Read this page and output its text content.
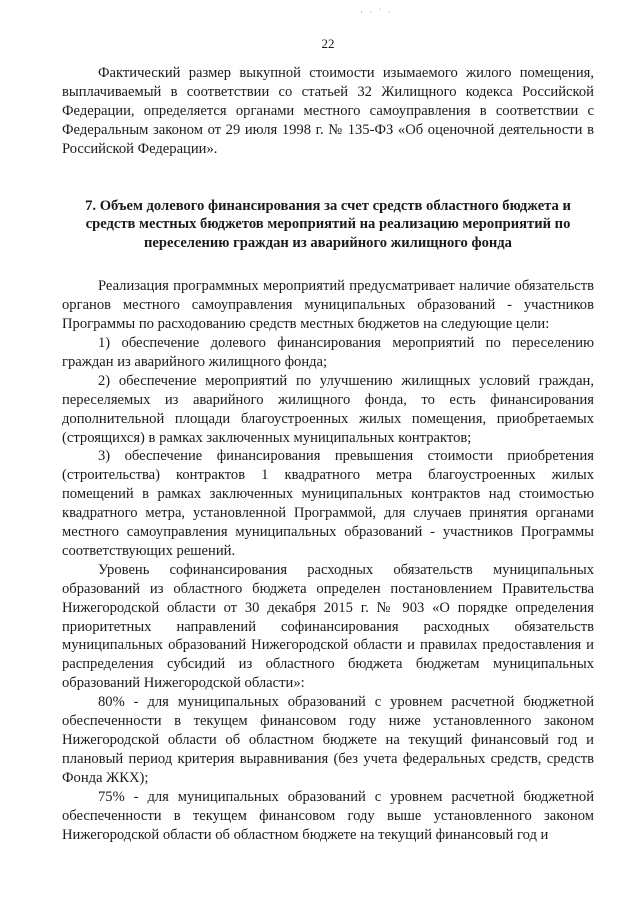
· · ˙ ·
22

Фактический размер выкупной стоимости изымаемого жилого помещения, выплачиваемый в соответствии со статьей 32 Жилищного кодекса Российской Федерации, определяется органами местного самоуправления в соответствии с Федеральным законом от 29 июля 1998 г. № 135-ФЗ «Об оценочной деятельности в Российской Федерации».

7. Объем долевого финансирования за счет средств областного бюджета и средств местных бюджетов мероприятий на реализацию мероприятий по переселению граждан из аварийного жилищного фонда

Реализация программных мероприятий предусматривает наличие обязательств органов местного самоуправления муниципальных образований - участников Программы по расходованию средств местных бюджетов на следующие цели:

1) обеспечение долевого финансирования мероприятий по переселению граждан из аварийного жилищного фонда;

2) обеспечение мероприятий по улучшению жилищных условий граждан, переселяемых из аварийного жилищного фонда, то есть финансирования дополнительной площади благоустроенных жилых помещения, приобретаемых (строящихся) в рамках заключенных муниципальных контрактов;

3) обеспечение финансирования превышения стоимости приобретения (строительства) контрактов 1 квадратного метра благоустроенных жилых помещений в рамках заключенных муниципальных контрактов над стоимостью квадратного метра, установленной Программой, для случаев принятия органами местного самоуправления муниципальных образований - участников Программы соответствующих решений.

Уровень софинансирования расходных обязательств муниципальных образований из областного бюджета определен постановлением Правительства Нижегородской области от 30 декабря 2015 г. № 903 «О порядке определения приоритетных направлений софинансирования расходных обязательств муниципальных образований Нижегородской области и правилах предоставления и распределения субсидий из областного бюджета бюджетам муниципальных образований Нижегородской области»:

80% - для муниципальных образований с уровнем расчетной бюджетной обеспеченности в текущем финансовом году ниже установленного законом Нижегородской области об областном бюджете на текущий финансовый год и плановый период критерия выравнивания (без учета федеральных средств, средств Фонда ЖКХ);

75% - для муниципальных образований с уровнем расчетной бюджетной обеспеченности в текущем финансовом году выше установленного законом Нижегородской области об областном бюджете на текущий финансовый год и
